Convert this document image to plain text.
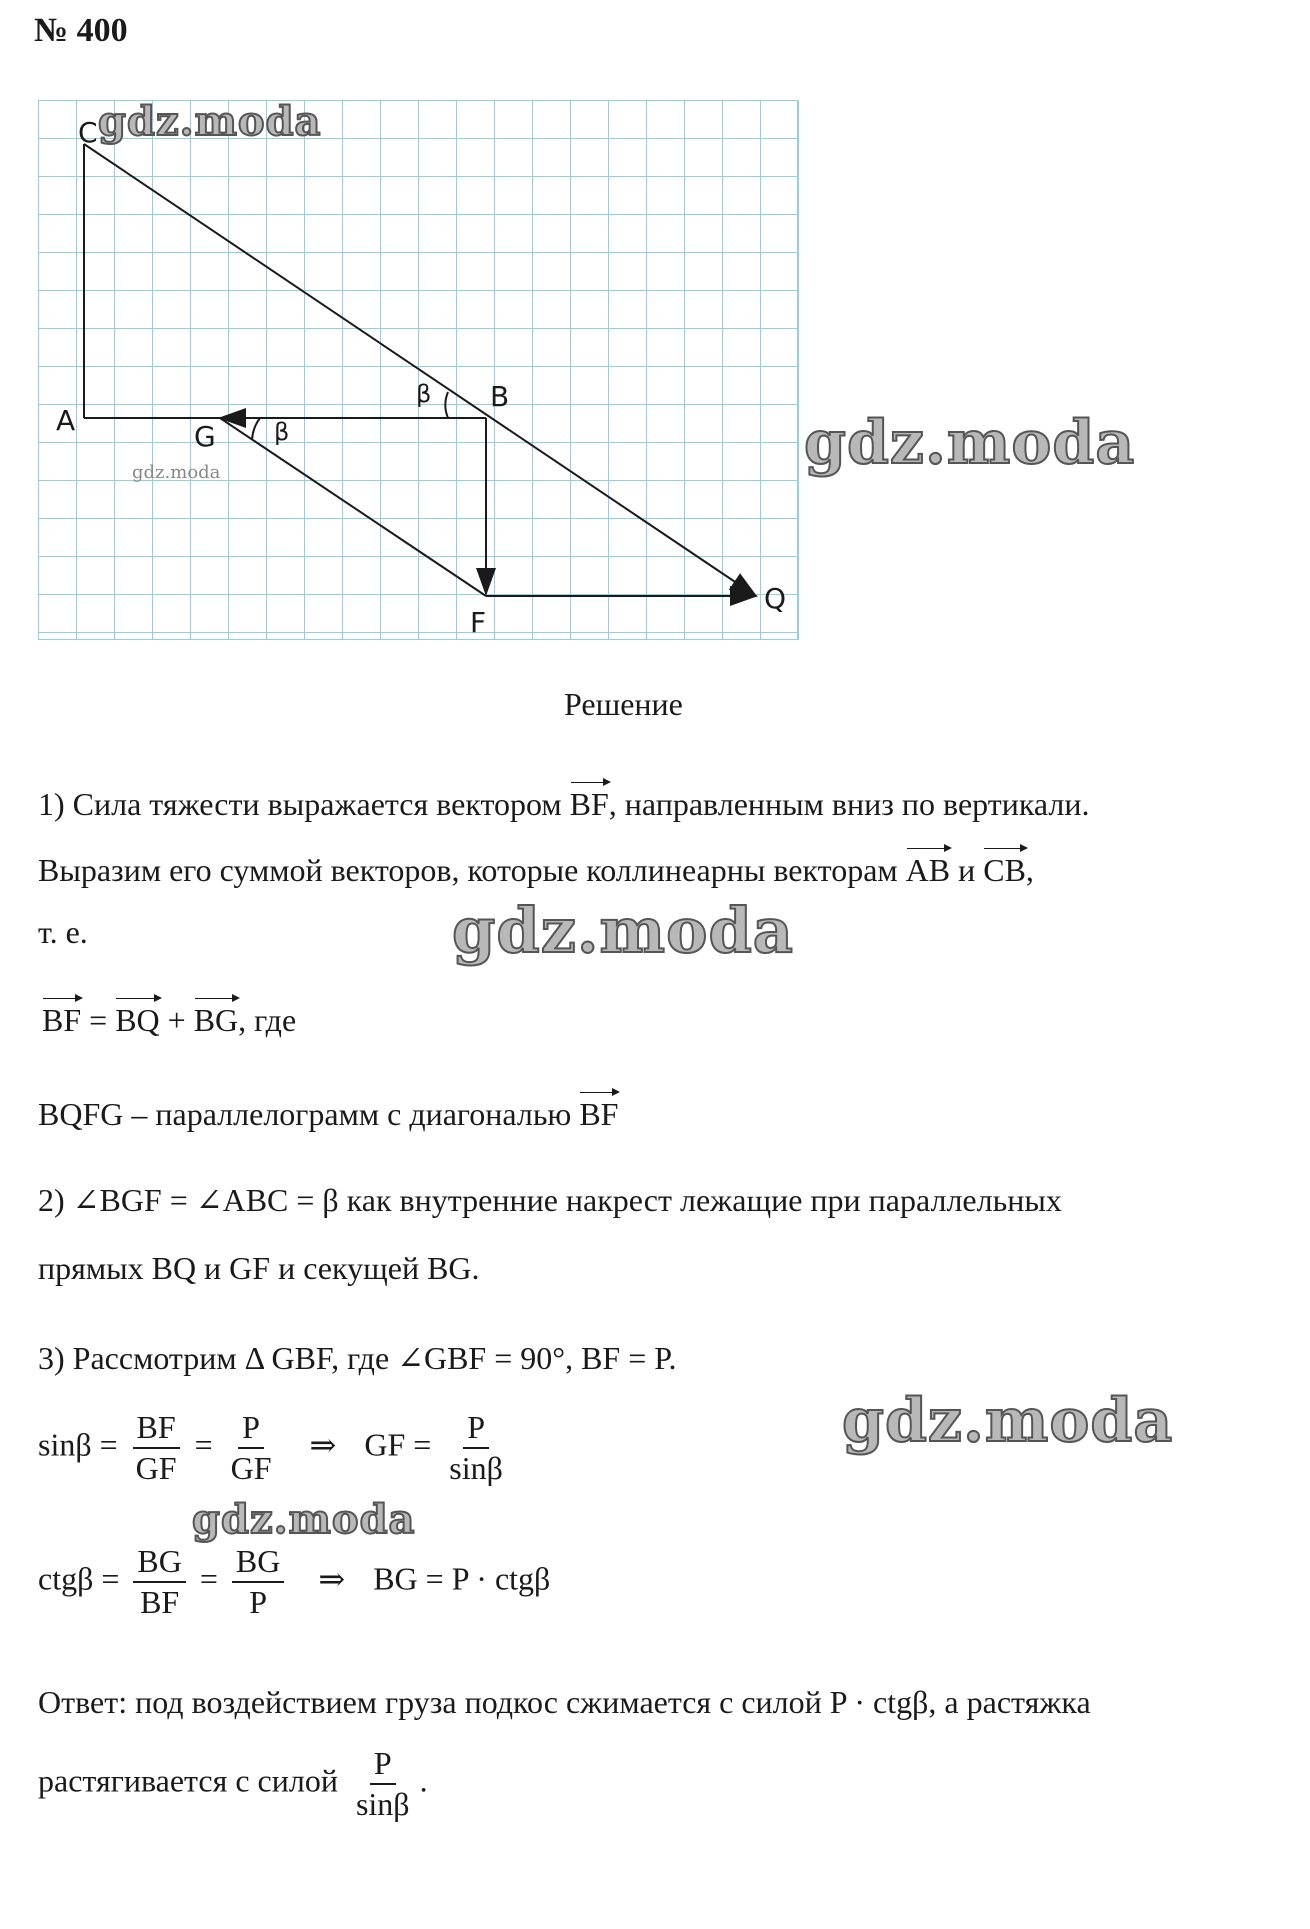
№ 400
C
A
B
G
F
Q
β
β
gdz.moda
gdz.moda	gdz.moda
gdz.moda
gdz.moda
gdz.moda
Решение
1) Сила тяжести выражается вектором BF, направленным вниз по вертикали.
Выразим его суммой векторов, которые коллинеарны векторам AB и CB,
т. е.
BF = BQ + BG, где
BQFG – параллелограмм с диагональю BF
2) ∠BGF = ∠ABC = β как внутренние накрест лежащие при параллельных
прямых BQ и GF и секущей BG.
3) Рассмотрим Δ GBF, где ∠GBF = 90°, BF = P.
$\sin\beta = \frac{BF}{GF} = \frac{P}{GF}$ ⇒ GF = $\frac{P}{\sin\beta}$
$ctg\beta = \frac{BG}{BF} = \frac{BG}{P}$ ⇒ BG = P · ctgβ
Ответ: под воздействием груза подкос сжимается с силой P · ctgβ, а растяжка
растягивается с силой $\frac{P}{\sin\beta}$ .
